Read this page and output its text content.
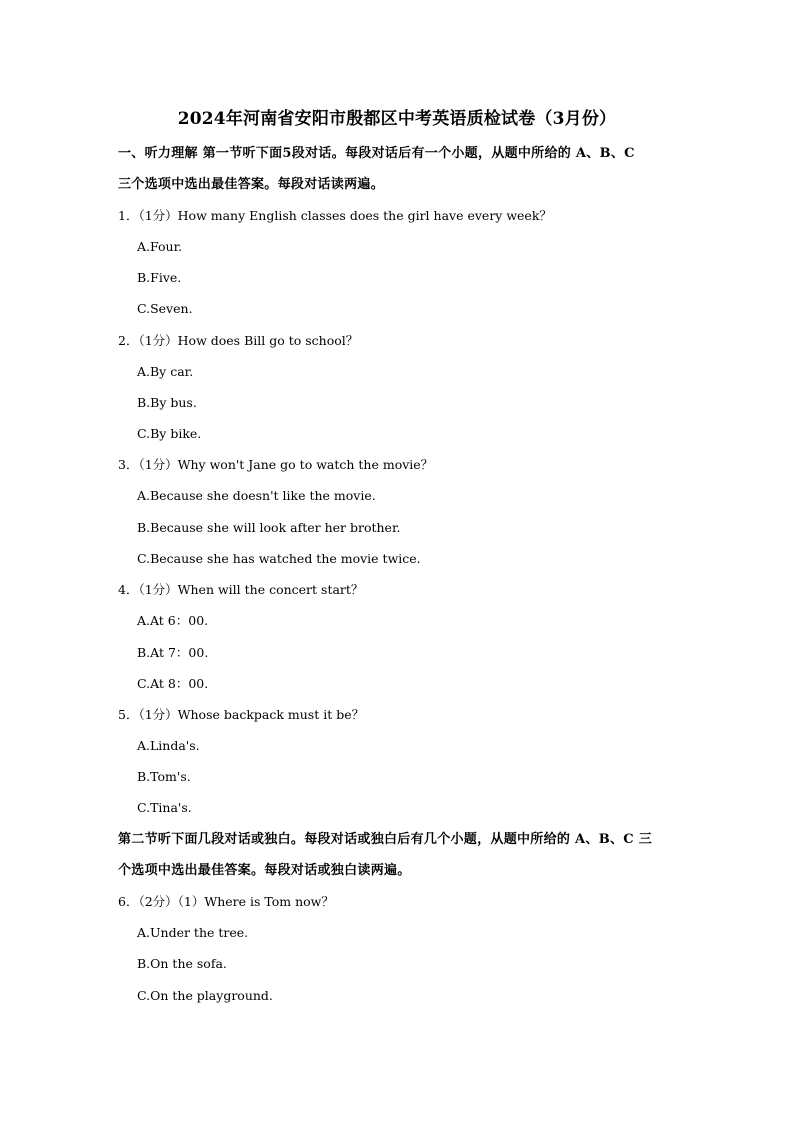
2024年河南省安阳市殷都区中考英语质检试卷（3月份）
一、听力理解 第一节听下面5段对话。每段对话后有一个小题，从题中所给的 A、B、C
三个选项中选出最佳答案。每段对话读两遍。
1．（1分）How many English classes does the girl have every week？
A.Four.
B.Five.
C.Seven.
2．（1分）How does Bill go to school？
A.By car.
B.By bus.
C.By bike.
3．（1分）Why won't Jane go to watch the movie？
A.Because she doesn't like the movie.
B.Because she will look after her brother.
C.Because she has watched the movie twice.
4．（1分）When will the concert start？
A.At 6：00.
B.At 7：00.
C.At 8：00.
5．（1分）Whose backpack must it be？
A.Linda's.
B.Tom's.
C.Tina's.
第二节听下面几段对话或独白。每段对话或独白后有几个小题，从题中所给的 A、B、C 三
个选项中选出最佳答案。每段对话或独白读两遍。
6．（2分）（1）Where is Tom now？
A.Under the tree.
B.On the sofa.
C.On the playground.
